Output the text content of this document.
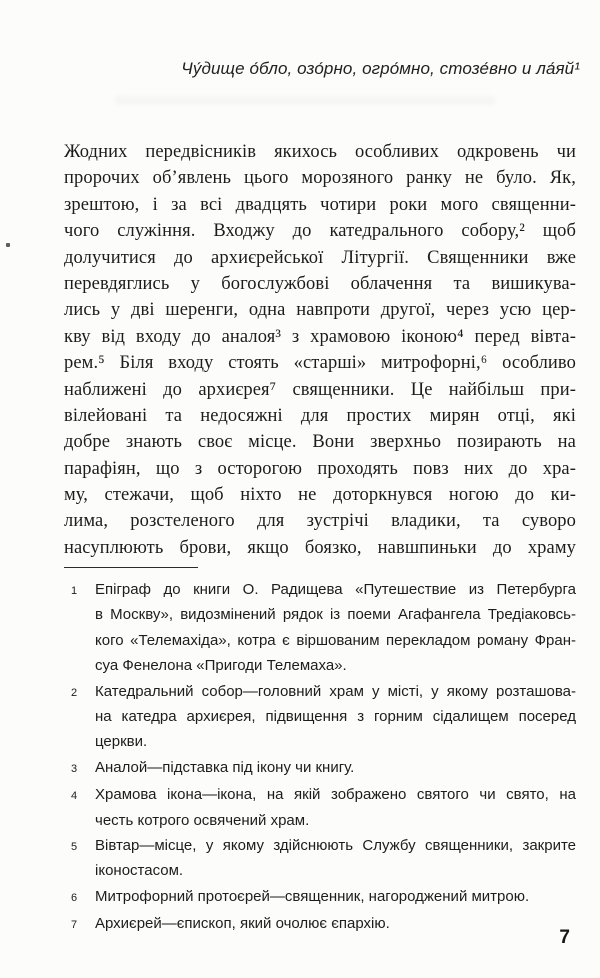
Чу́дище о́бло, озо́рно, огро́мно, стозе́вно и ла́яй¹
Жодних передвісників якихось особливих одкровень чи
пророчих об’явлень цього морозяного ранку не було. Як,
зрештою, і за всі двадцять чотири роки мого священни-
чого служіння. Входжу до катедрального собору,² щоб
долучитися до архиєрейської Літургії. Священники вже
перевдяглись у богослужбові облачення та вишикува-
лись у дві шеренги, одна навпроти другої, через усю цер-
кву від входу до аналоя³ з храмовою іконою⁴ перед вівта-
рем.⁵ Біля входу стоять «старші» митрофорні,⁶ особливо
наближені до архиєрея⁷ священники. Це найбільш при-
вілейовані та недосяжні для простих мирян отці, які
добре знають своє місце. Вони зверхньо позирають на
парафіян, що з осторогою проходять повз них до хра-
му, стежачи, щоб ніхто не доторкнувся ногою до ки-
лима, розстеленого для зустрічі владики, та суворо
насуплюють брови, якщо боязко, навшпиньки до храму
1	Епіграф до книги О. Радищева «Путешествие из Петербурга
в Москву», видозмінений рядок із поеми Агафангела Тредіаковсь-
кого «Телемахіда», котра є віршованим перекладом роману Фран-
суа Фенелона «Пригоди Телемаха».
2	Катедральний собор—головний храм у місті, у якому розташова-
на катедра архиєрея, підвищення з горним сідалищем посеред
церкви.
3	Аналой—підставка під ікону чи книгу.
4	Храмова ікона—ікона, на якій зображено святого чи свято, на
честь котрого освячений храм.
5	Вівтар—місце, у якому здійснюють Службу священники, закрите
іконостасом.
6	Митрофорний протоєрей—священник, нагороджений митрою.
7	Архиєрей—єпископ, який очолює єпархію.
7
